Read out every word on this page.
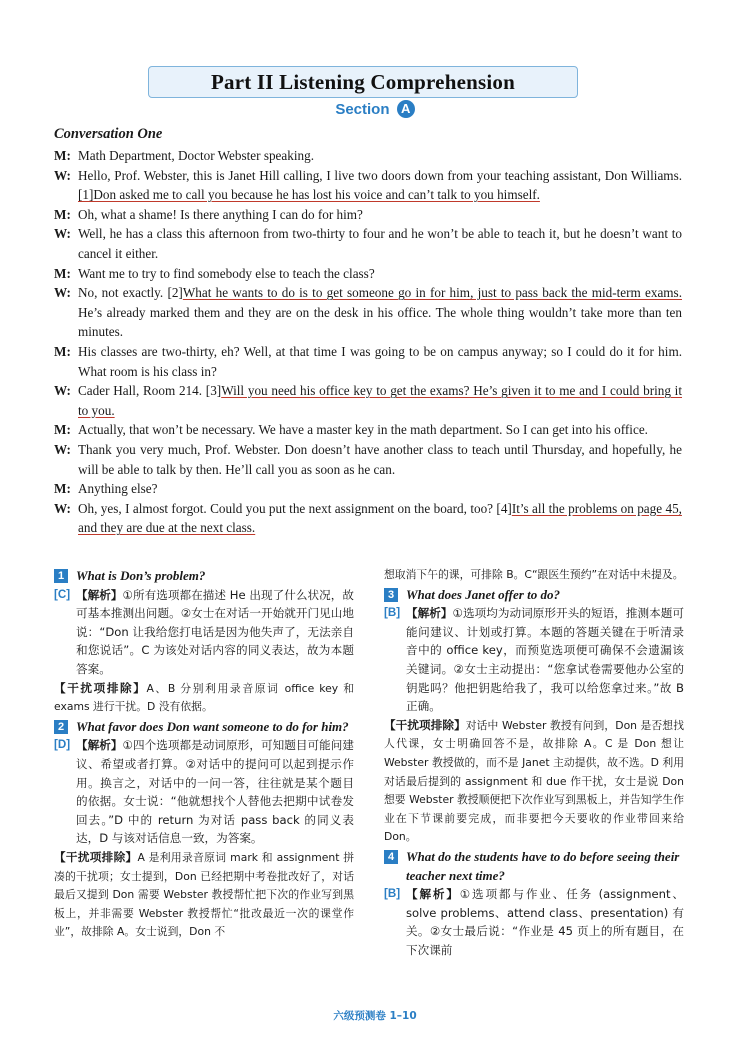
Part II Listening Comprehension
Section A
Conversation One
M: Math Department, Doctor Webster speaking.
W: Hello, Prof. Webster, this is Janet Hill calling, I live two doors down from your teaching assistant, Don Williams. [1]Don asked me to call you because he has lost his voice and can’t talk to you himself.
M: Oh, what a shame! Is there anything I can do for him?
W: Well, he has a class this afternoon from two-thirty to four and he won’t be able to teach it, but he doesn’t want to cancel it either.
M: Want me to try to find somebody else to teach the class?
W: No, not exactly. [2]What he wants to do is to get someone go in for him, just to pass back the mid-term exams. He’s already marked them and they are on the desk in his office. The whole thing wouldn’t take more than ten minutes.
M: His classes are two-thirty, eh? Well, at that time I was going to be on campus anyway; so I could do it for him. What room is his class in?
W: Cader Hall, Room 214. [3]Will you need his office key to get the exams? He’s given it to me and I could bring it to you.
M: Actually, that won’t be necessary. We have a master key in the math department. So I can get into his office.
W: Thank you very much, Prof. Webster. Don doesn’t have another class to teach until Thursday, and hopefully, he will be able to talk by then. He’ll call you as soon as he can.
M: Anything else?
W: Oh, yes, I almost forgot. Could you put the next assignment on the board, too? [4]It’s all the problems on page 45, and they are due at the next class.
1 What is Don’s problem?
[C] 【解析】①所有选项都在描述 He 出现了什么状况，故可基本推测出问题。②女士在对话一开始就开门见山地说：“Don 让我给您打电话是因为他失声了，无法亲自和您说话”。C 为该处对话内容的同义表达，故为本题答案。
【干扰项排除】A、B 分别利用录音原词 office key 和 exams 进行干扰。D 没有依据。
2 What favor does Don want someone to do for him?
[D] 【解析】①四个选项都是动词原形，可知题目可能问建议、希望或者打算。②对话中的提问可以起到提示作用。换言之，对话中的一问一答，往往就是某个题目的依据。女士说：“他就想找个人替他去把期中试卷发回去。”D 中的 return 为对话 pass back 的同义表达，D 与该对话信息一致，为答案。
【干扰项排除】A 是利用录音原词 mark 和 assignment 拼凑的干扰项；女士提到，Don 已经把期中考卷批改好了，对话最后又提到 Don 需要 Webster 教授帮忙把下次的作业写到黑板上，并非需要 Webster 教授帮忙“批改最近一次的课堂作业”，故排除 A。女士说到，Don 不
想取消下午的课，可排除 B。C“跟医生预约”在对话中未提及。
3 What does Janet offer to do?
[B] 【解析】①选项均为动词原形开头的短语，推测本题可能问建议、计划或打算。本题的答题关键在于听清录音中的 office key，而预览选项便可确保不会遗漏该关键词。②女士主动提出：“您拿试卷需要他办公室的钥匙吗？他把钥匙给我了，我可以给您拿过来。”故 B 正确。
【干扰项排除】对话中 Webster 教授有问到，Don 是否想找人代课，女士明确回答不是，故排除 A。C 是 Don 想让 Webster 教授做的，而不是 Janet 主动提供，故不选。D 利用对话最后提到的 assignment 和 due 作干扰，女士是说 Don 想要 Webster 教授顺便把下次作业写到黑板上，并告知学生作业在下节课前要完成，而非要把今天要收的作业带回来给 Don。
4 What do the students have to do before seeing their teacher next time?
[B] 【解析】①选项都与作业、任务 (assignment、solve problems、attend class、presentation) 有关。②女士最后说：“作业是 45 页上的所有题目，在下次课前
六级预测卷 1–10
